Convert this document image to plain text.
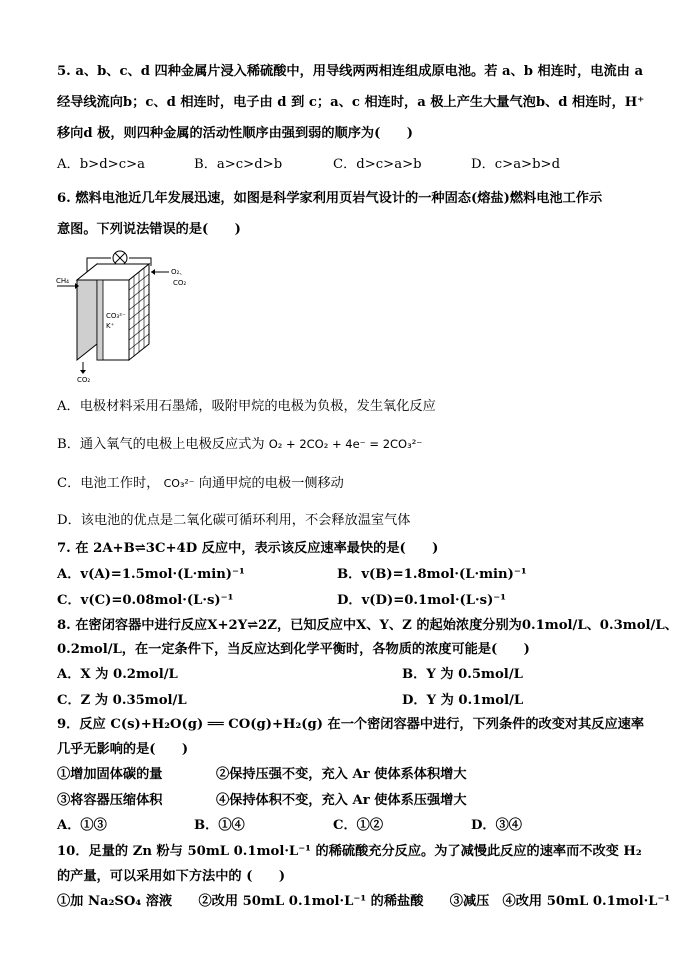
5. a、b、c、d 四种金属片浸入稀硫酸中，用导线两两相连组成原电池。若 a、b 相连时，电流由 a
经导线流向b；c、d 相连时，电子由 d 到 c；a、c 相连时，a 极上产生大量气泡b、d 相连时，H⁺
移向d 极，则四种金属的活动性顺序由强到弱的顺序为(　　)
A．b>d>c>a	B．a>c>d>b	C．d>c>a>b	D．c>a>b>d
6. 燃料电池近几年发展迅速，如图是科学家利用页岩气设计的一种固态(熔盐)燃料电池工作示
意图。下列说法错误的是(　　)
CH₄
O₂、
CO₂
CO₃²⁻
K⁺
CO₂
A．电极材料采用石墨烯，吸附甲烷的电极为负极，发生氧化反应
B．通入氧气的电极上电极反应式为 O₂ + 2CO₂ + 4e⁻ = 2CO₃²⁻
C．电池工作时， CO₃²⁻ 向通甲烷的电极一侧移动
D．该电池的优点是二氧化碳可循环利用，不会释放温室气体
7. 在 2A+B⇌3C+4D 反应中，表示该反应速率最快的是(　　)
A．v(A)=1.5mol·(L·min)⁻¹	B．v(B)=1.8mol·(L·min)⁻¹
C．v(C)=0.08mol·(L·s)⁻¹	D．v(D)=0.1mol·(L·s)⁻¹
8. 在密闭容器中进行反应X+2Y⇌2Z，已知反应中X、Y、Z 的起始浓度分别为0.1mol/L、0.3mol/L、
0.2mol/L，在一定条件下，当反应达到化学平衡时，各物质的浓度可能是(　　)
A．X 为 0.2mol/L	B．Y 为 0.5mol/L
C．Z 为 0.35mol/L	D．Y 为 0.1mol/L
9．反应 C(s)+H₂O(g) ══ CO(g)+H₂(g) 在一个密闭容器中进行，下列条件的改变对其反应速率
几乎无影响的是(　　)
①增加固体碳的量	②保持压强不变，充入 Ar 使体系体积增大
③将容器压缩体积	④保持体积不变，充入 Ar 使体系压强增大
A．①③	B．①④	C．①②	D．③④
10．足量的 Zn 粉与 50mL 0.1mol·L⁻¹ 的稀硫酸充分反应。为了减慢此反应的速率而不改变 H₂
的产量，可以采用如下方法中的 (　　)
①加 Na₂SO₄ 溶液　　②改用 50mL 0.1mol·L⁻¹ 的稀盐酸　　③减压　④改用 50mL 0.1mol·L⁻¹
